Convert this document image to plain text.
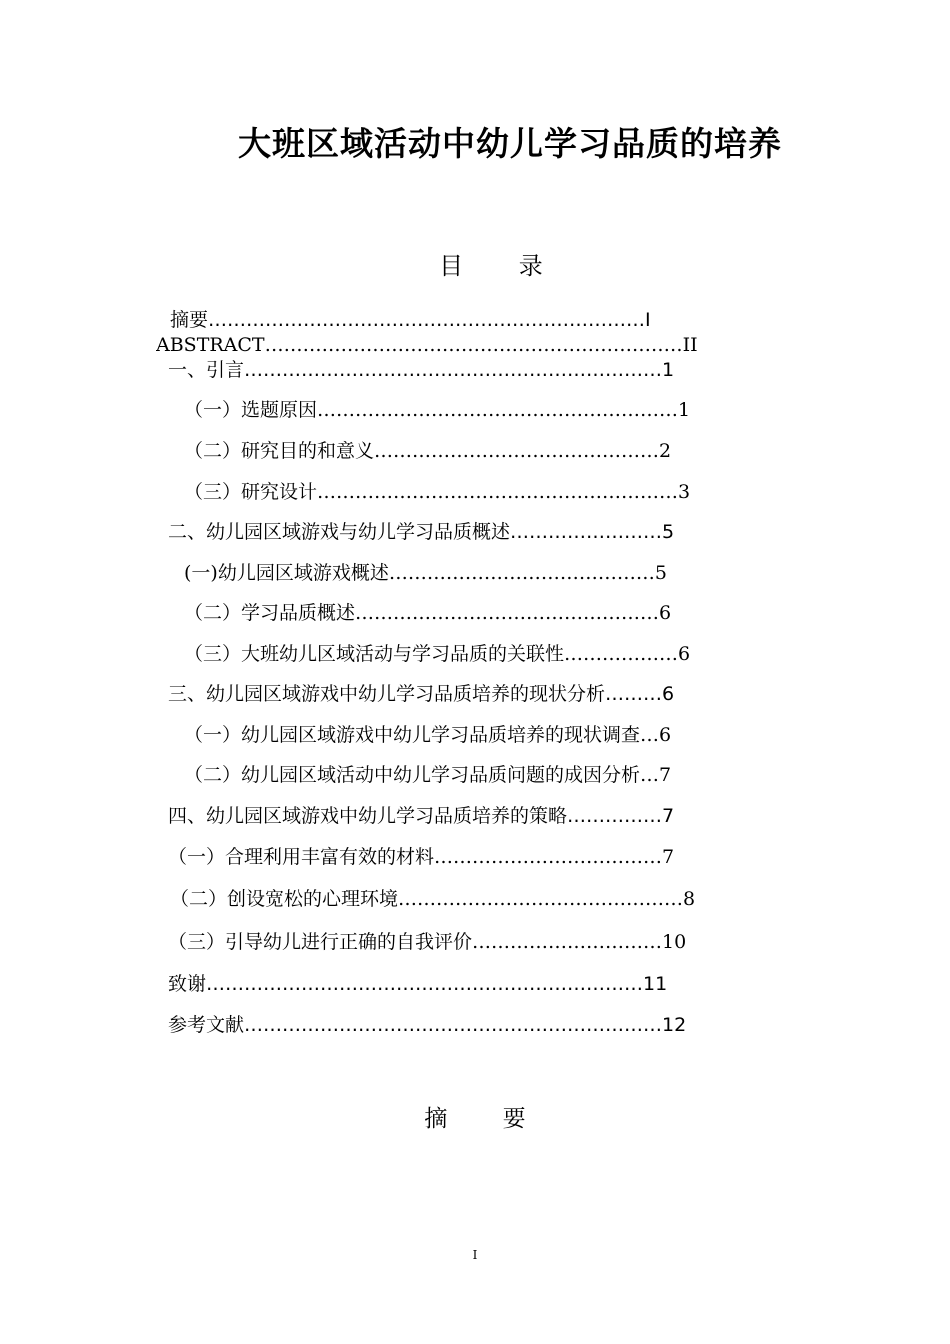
大班区域活动中幼儿学习品质的培养
目 录
摘要……………………………………………………………I
ABSTRACT…………………………………………………………II
一、引言…………………………………………………………1
（一）选题原因…………………………………………………1
（二）研究目的和意义………………………………………2
（三）研究设计…………………………………………………3
二、幼儿园区域游戏与幼儿学习品质概述……………………5
(一)幼儿园区域游戏概述……………………………………5
（二）学习品质概述…………………………………………6
（三）大班幼儿区域活动与学习品质的关联性………………6
三、幼儿园区域游戏中幼儿学习品质培养的现状分析………6
（一）幼儿园区域游戏中幼儿学习品质培养的现状调查…6
（二）幼儿园区域活动中幼儿学习品质问题的成因分析…7
四、幼儿园区域游戏中幼儿学习品质培养的策略……………7
（一）合理利用丰富有效的材料………………………………7
（二）创设宽松的心理环境………………………………………8
（三）引导幼儿进行正确的自我评价…………………………10
致谢……………………………………………………………11
参考文献…………………………………………………………12
摘 要
I
